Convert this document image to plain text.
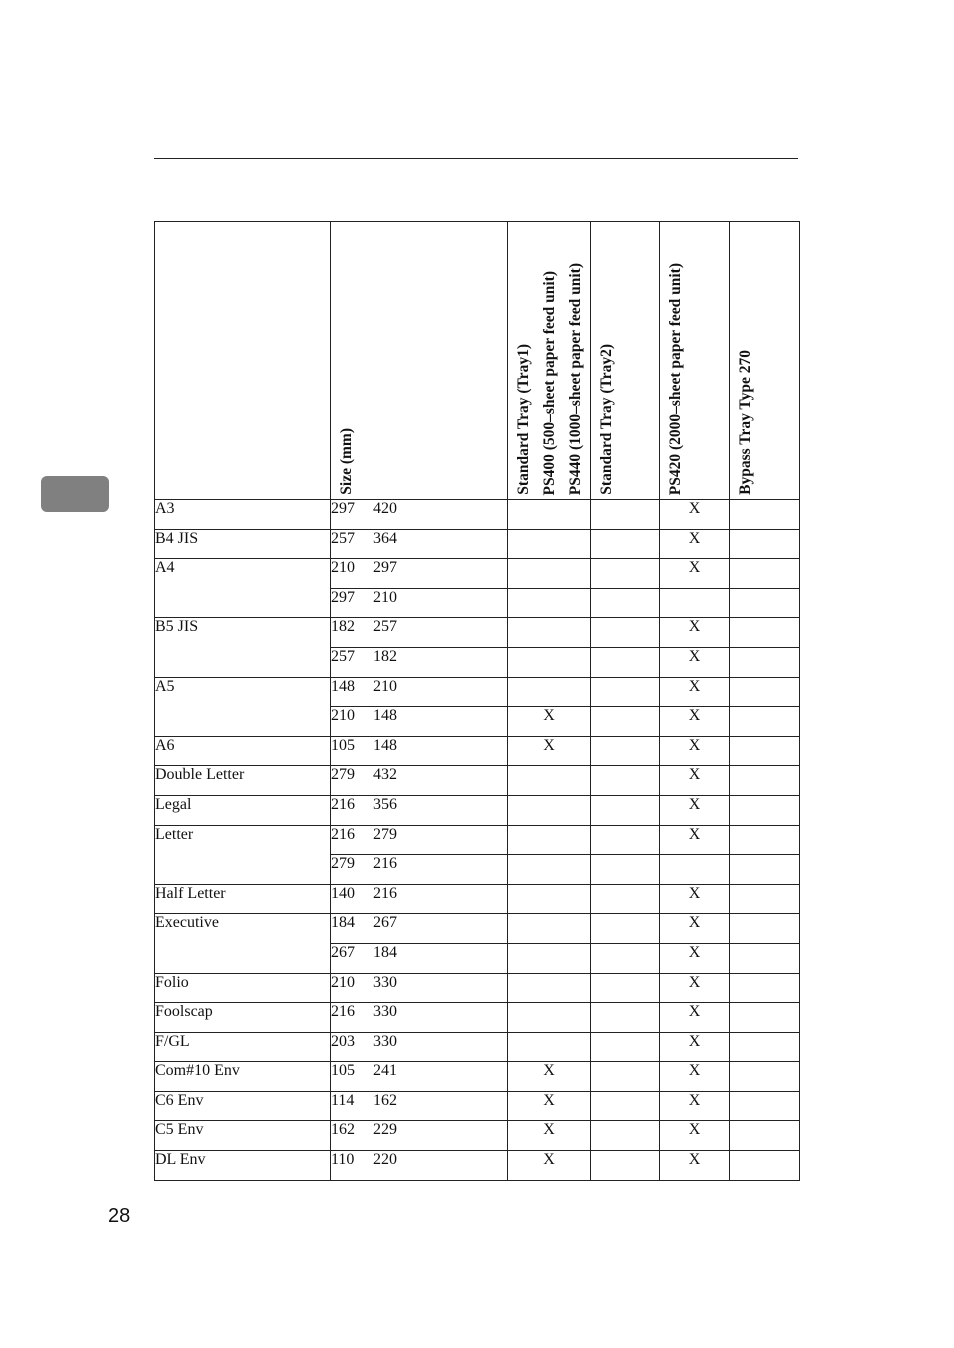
	Size (mm)	Standard Tray (Tray1) PS400 (500–sheet paper feed unit) PS440 (1000–sheet paper feed unit)	Standard Tray (Tray2)	PS420 (2000–sheet paper feed unit)	Bypass Tray Type 270

A3	297 420			X	
B4 JIS	257 364			X	
A4	210 297			X	
	297 210				
B5 JIS	182 257			X	
	257 182			X	
A5	148 210			X	
	210 148	X		X	
A6	105 148	X		X	
Double Letter	279 432			X	
Legal	216 356			X	
Letter	216 279			X	
	279 216				
Half Letter	140 216			X	
Executive	184 267			X	
	267 184			X	
Folio	210 330			X	
Foolscap	216 330			X	
F/GL	203 330			X	
Com#10 Env	105 241	X		X	
C6 Env	114 162	X		X	
C5 Env	162 229	X		X	
DL Env	110 220	X		X	
28
